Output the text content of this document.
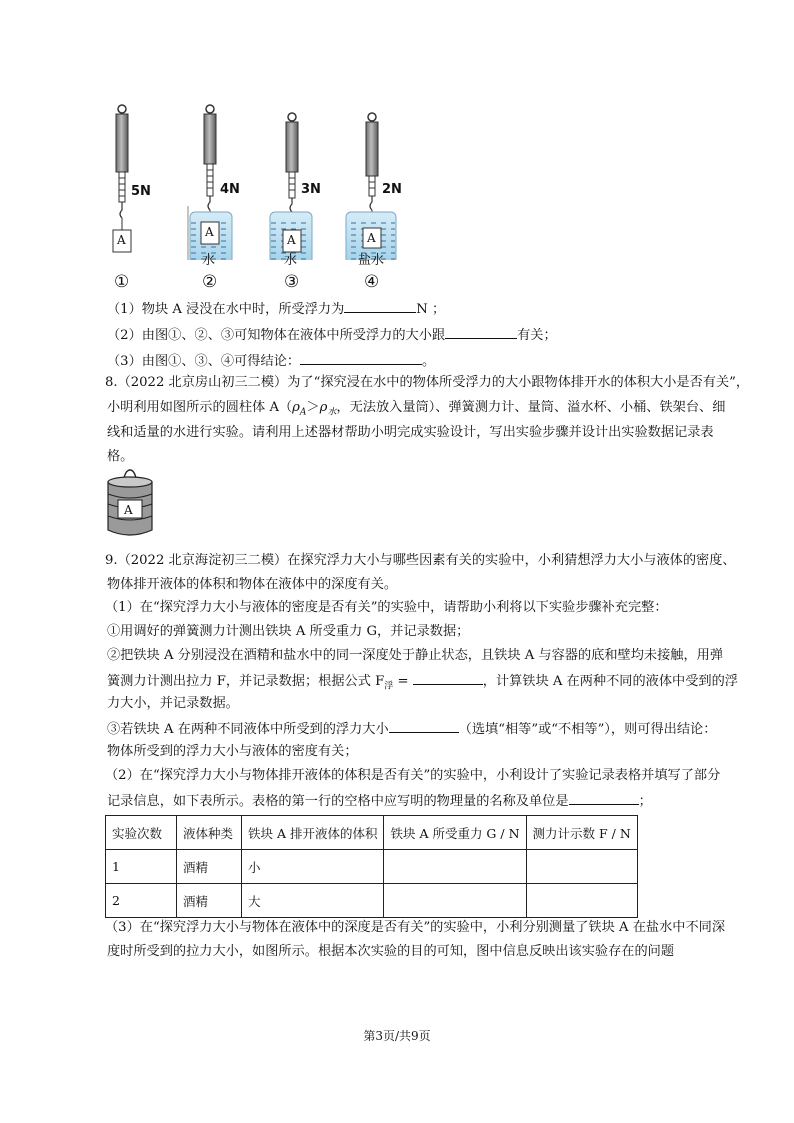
5N	4N	3N	2N
A
A
A	A
水	水	盐水
①	②	③	④
（1）物块 A 浸没在水中时，所受浮力为	N ；
（2）由图①、②、③可知物体在液体中所受浮力的大小跟	有关；
（3）由图①、③、④可得结论：	。
8.（2022 北京房山初三二模）为了“探究浸在水中的物体所受浮力的大小跟物体排开水的体积大小是否有关”，
小明利用如图所示的圆柱体 $A(\rho_A>\rho_水$，无法放入量筒）、弹簧测力计、量筒、溢水杯、小桶、铁架台、细
线和适量的水进行实验。请利用上述器材帮助小明完成实验设计，写出实验步骤并设计出实验数据记录表
格。
A
9.（2022 北京海淀初三二模）在探究浮力大小与哪些因素有关的实验中，小利猜想浮力大小与液体的密度、
物体排开液体的体积和物体在液体中的深度有关。
（1）在“探究浮力大小与液体的密度是否有关”的实验中，请帮助小利将以下实验步骤补充完整：
①用调好的弹簧测力计测出铁块 A 所受重力 G，并记录数据；
②把铁块 A 分别浸没在酒精和盐水中的同一深度处于静止状态，且铁块 A 与容器的底和壁均未接触，用弹
簧测力计测出拉力 F，并记录数据；根据公式 $F_浮$ =	，计算铁块 A 在两种不同的液体中受到的浮
力大小，并记录数据。
③若铁块 A 在两种不同液体中所受到的浮力大小	（选填“相等”或“不相等”），则可得出结论：
物体所受到的浮力大小与液体的密度有关；
（2）在“探究浮力大小与物体排开液体的体积是否有关”的实验中，小利设计了实验记录表格并填写了部分
记录信息，如下表所示。表格的第一行的空格中应写明的物理量的名称及单位是	；
实验次数	液体种类	铁块 A 排开液体的体积	铁块 A 所受重力 G / N	测力计示数 F / N
1	酒精	小		
2	酒精	大		
（3）在“探究浮力大小与物体在液体中的深度是否有关”的实验中，小利分别测量了铁块 A 在盐水中不同深
度时所受到的拉力大小，如图所示。根据本次实验的目的可知，图中信息反映出该实验存在的问题
第3页/共9页
